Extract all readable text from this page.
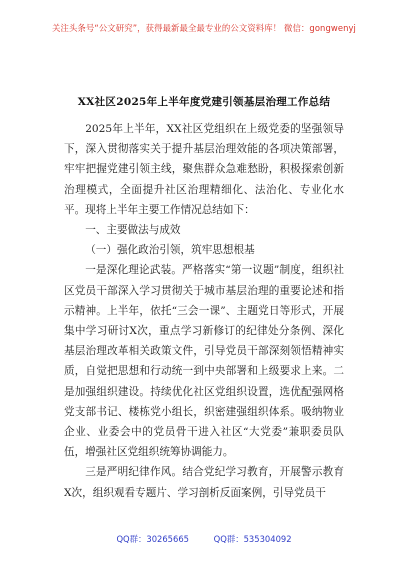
关注头条号“公文研究”，获得最新最全最专业的公文资料库！ 微信：gongwenyj
XX社区2025年上半年度党建引领基层治理工作总结

2025年上半年，XX社区党组织在上级党委的坚强领导下，深入贯彻落实关于提升基层治理效能的各项决策部署，牢牢把握党建引领主线，聚焦群众急难愁盼，积极探索创新治理模式，全面提升社区治理精细化、法治化、专业化水平。现将上半年主要工作情况总结如下：

一、主要做法与成效

（一）强化政治引领，筑牢思想根基

一是深化理论武装。严格落实“第一议题”制度，组织社区党员干部深入学习贯彻关于城市基层治理的重要论述和指示精神。上半年，依托“三会一课”、主题党日等形式，开展集中学习研讨X次，重点学习新修订的纪律处分条例、深化基层治理改革相关政策文件，引导党员干部深刻领悟精神实质，自觉把思想和行动统一到中央部署和上级要求上来。二是加强组织建设。持续优化社区党组织设置，选优配强网格党支部书记、楼栋党小组长，织密建强组织体系。吸纳物业企业、业委会中的党员骨干进入社区“大党委”兼职委员队伍，增强社区党组织统筹协调能力。

三是严明纪律作风。结合党纪学习教育，开展警示教育X次，组织观看专题片、学习剖析反面案例，引导党员干

QQ群：30265665	QQ群：535304092
